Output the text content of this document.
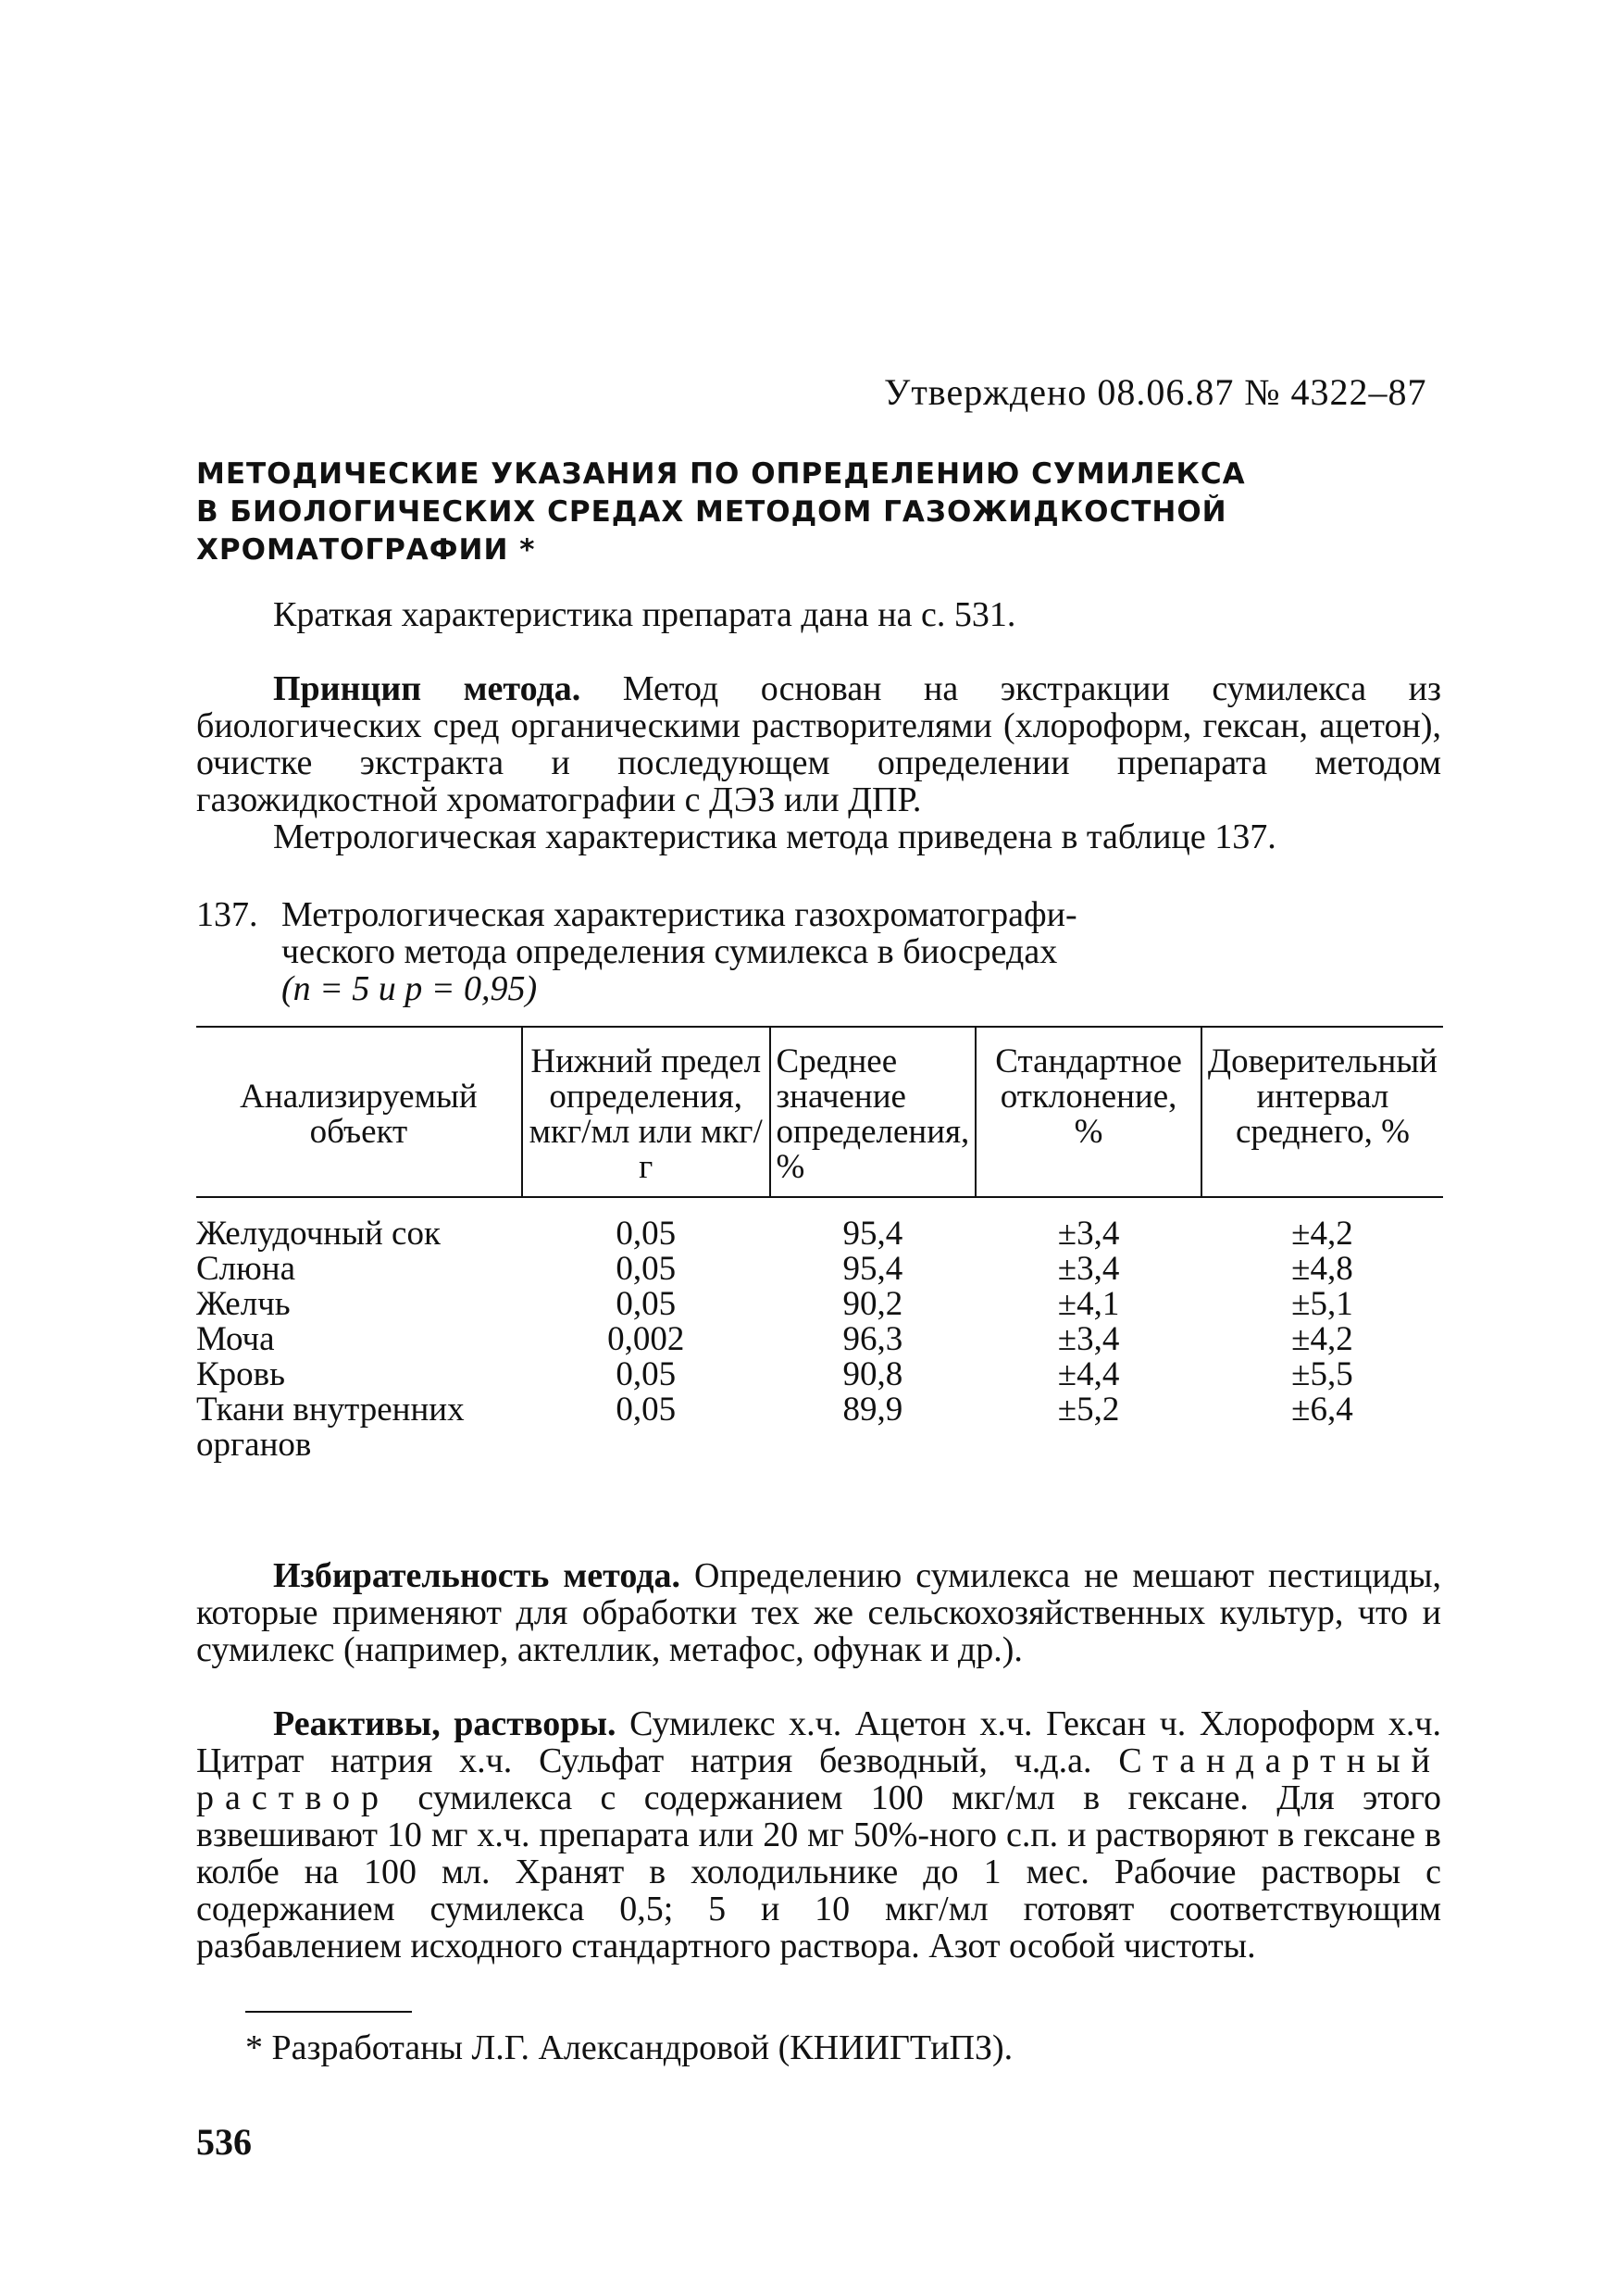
Утверждено 08.06.87 № 4322–87
МЕТОДИЧЕСКИЕ УКАЗАНИЯ ПО ОПРЕДЕЛЕНИЮ СУМИЛЕКСА
В БИОЛОГИЧЕСКИХ СРЕДАХ МЕТОДОМ ГАЗОЖИДКОСТНОЙ
ХРОМАТОГРАФИИ *
Краткая характеристика препарата дана на с. 531.
Принцип метода. Метод основан на экстракции сумилекса из биологических сред органическими растворителями (хлороформ, гексан, ацетон), очистке экстракта и последующем определении препарата методом газожидкостной хроматографии с ДЭЗ или ДПР.
Метрологическая характеристика метода приведена в таблице 137.
137. Метрологическая характеристика газохроматографи-
ческого метода определения сумилекса в биосредах
(n = 5 и p = 0,95)
Анализируемый объект	Нижний предел определения, мкг/мл или мкг/г	Среднее значение определения, %	Стандартное отклонение, %	Доверительный интервал среднего, %
Желудочный сок	0,05	95,4	±3,4	±4,2
Слюна	0,05	95,4	±3,4	±4,8
Желчь	0,05	90,2	±4,1	±5,1
Моча	0,002	96,3	±3,4	±4,2
Кровь	0,05	90,8	±4,4	±5,5
Ткани внутренних органов	0,05	89,9	±5,2	±6,4
Избирательность метода. Определению сумилекса не мешают пестициды, которые применяют для обработки тех же сельскохозяйственных культур, что и сумилекс (например, актеллик, метафос, офунак и др.).
Реактивы, растворы. Сумилекс х.ч. Ацетон х.ч. Гексан ч. Хлороформ х.ч. Цитрат натрия х.ч. Сульфат натрия безводный, ч.д.а. Стандартный раствор сумилекса с содержанием 100 мкг/мл в гексане. Для этого взвешивают 10 мг х.ч. препарата или 20 мг 50%-ного с.п. и растворяют в гексане в колбе на 100 мл. Хранят в холодильнике до 1 мес. Рабочие растворы с содержанием сумилекса 0,5; 5 и 10 мкг/мл готовят соответствующим разбавлением исходного стандартного раствора. Азот особой чистоты.
* Разработаны Л.Г. Александровой (КНИИГТиПЗ).
536
